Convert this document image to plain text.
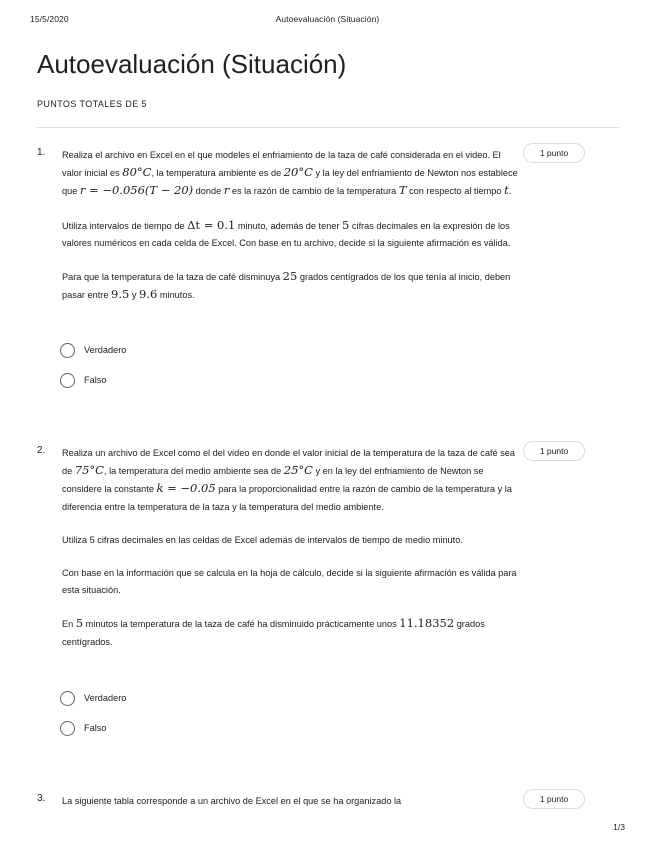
15/5/2020	Autoevaluación (Situación)
Autoevaluación (Situación)
PUNTOS TOTALES DE 5
1.	1 punto

Realiza el archivo en Excel en el que modeles el enfriamiento de la taza de café considerada en el video. El valor inicial es 80°C, la temperatura ambiente es de 20°C y la ley del enfriamiento de Newton nos establece que r = −0.056(T − 20) donde r es la razón de cambio de la temperatura T con respecto al tiempo t.

Utiliza intervalos de tiempo de Δt = 0.1 minuto, además de tener 5 cifras decimales en la expresión de los valores numéricos en cada celda de Excel. Con base en tu archivo, decide si la siguiente afirmación es válida.

Para que la temperatura de la taza de café disminuya 25 grados centígrados de los que tenía al inicio, deben pasar entre 9.5 y 9.6 minutos.

Verdadero
Falso
2.	1 punto

Realiza un archivo de Excel como el del video en donde el valor inicial de la temperatura de la taza de café sea de 75°C, la temperatura del medio ambiente sea de 25°C y en la ley del enfriamiento de Newton se considere la constante k = −0.05 para la proporcionalidad entre la razón de cambio de la temperatura y la diferencia entre la temperatura de la taza y la temperatura del medio ambiente.

Utiliza 5 cifras decimales en las celdas de Excel además de intervalos de tiempo de medio minuto.

Con base en la información que se calcula en la hoja de cálculo, decide si la siguiente afirmación es válida para esta situación.

En 5 minutos la temperatura de la taza de café ha disminuido prácticamente unos 11.18352 grados centígrados.

Verdadero
Falso
3.	1 punto

La siguiente tabla corresponde a un archivo de Excel en el que se ha organizado la

1/3
